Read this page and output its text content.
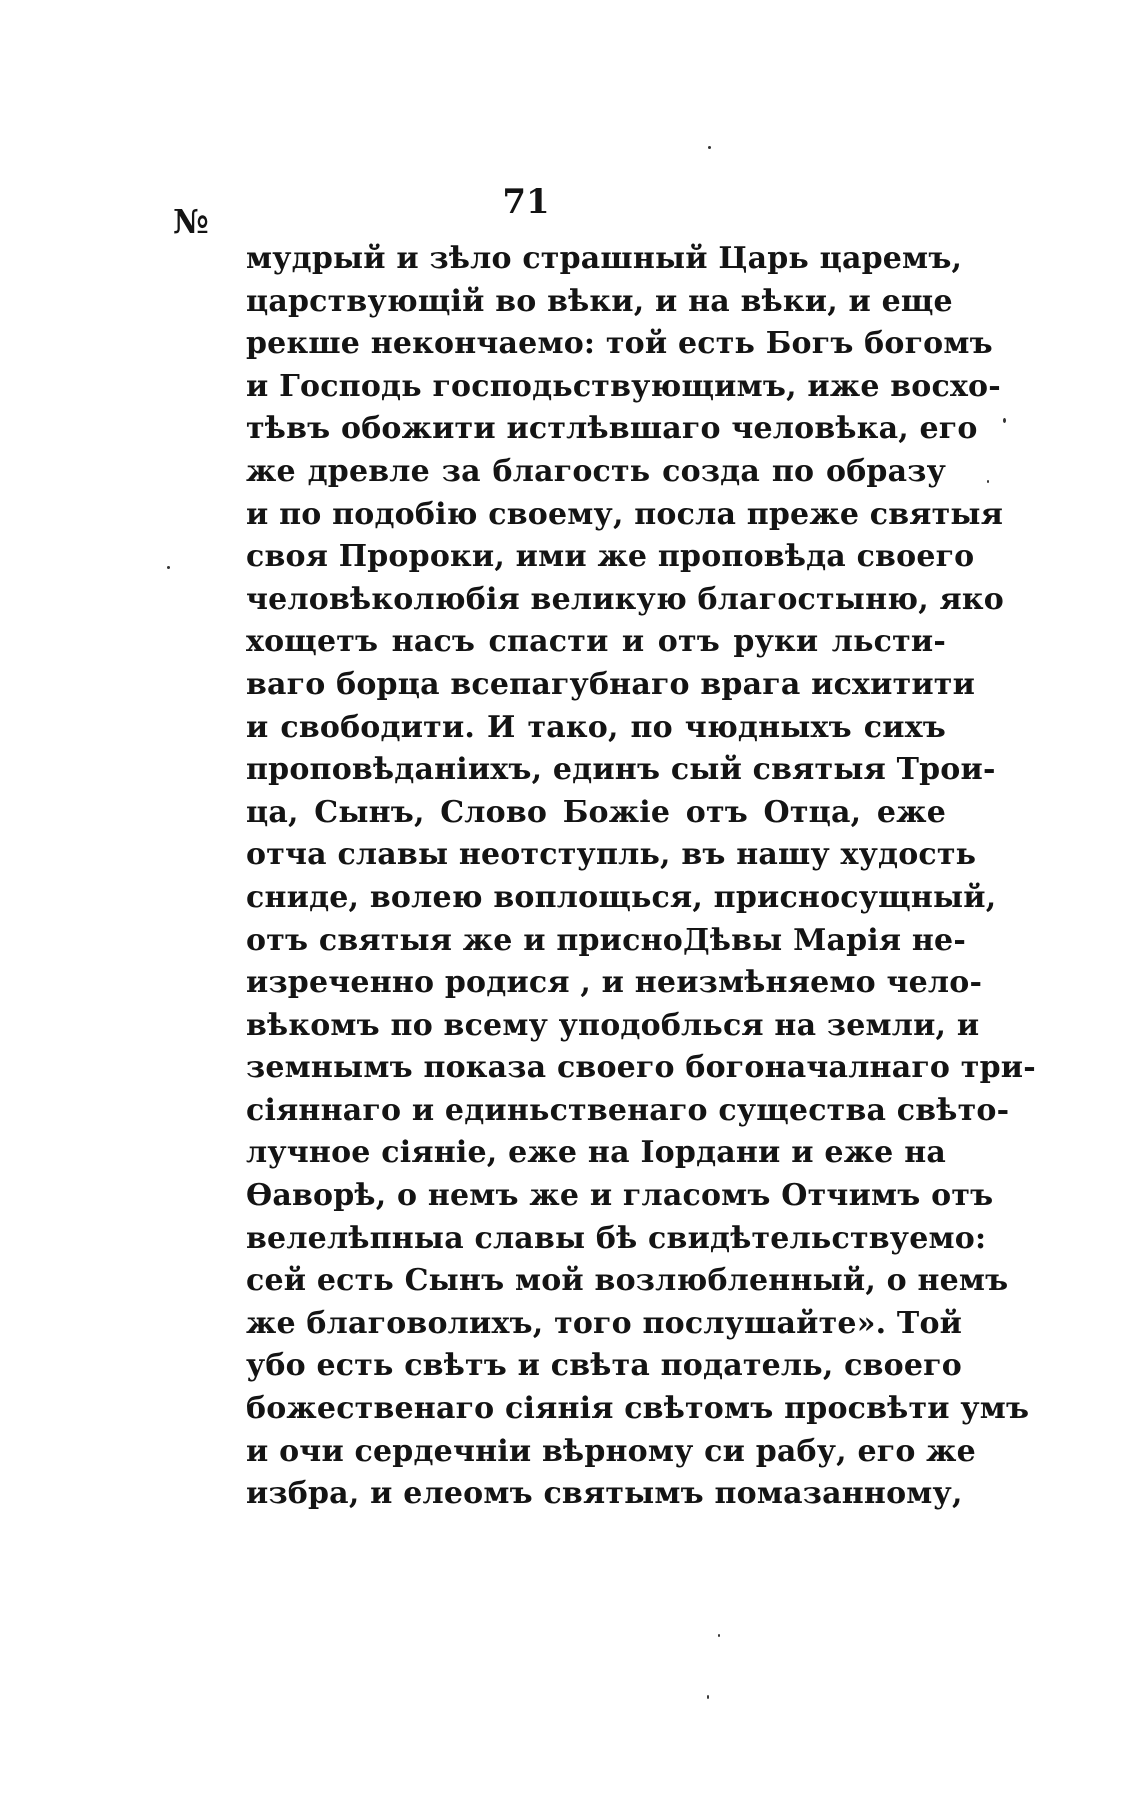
№	71
мудрый и зѣло страшный Царь царемъ,
царствующій во вѣки, и на вѣки, и еще
рекше некончаемо: той есть Богъ богомъ
и Господь господьствующимъ, иже восхо-
тѣвъ обожити истлѣвшаго человѣка, его
же древле за благость созда по образу
и по подобію своему, посла преже святыя
своя Пророки, ими же проповѣда своего
человѣколюбія великую благостыню, яко
хощетъ насъ спасти и отъ руки льсти-
ваго борца всепагубнаго врага исхитити
и свободити. И тако, по чюдныхъ сихъ
проповѣданіихъ, единъ сый святыя Трои-
ца, Сынъ, Слово Божіе отъ Отца, еже
отча славы неотступль, въ нашу худость
сниде, волею воплощься, присносущный,
отъ святыя же и присноДѣвы Марія не-
изреченно родися , и неизмѣняемо чело-
вѣкомъ по всему уподоблься на земли, и
земнымъ показа своего богоначалнаго три-
сіяннаго и единьственаго существа свѣто-
лучное сіяніе, еже на Іордани и еже на
Ѳаворѣ, о немъ же и гласомъ Отчимъ отъ
велелѣпныа славы бѣ свидѣтельствуемо:
сей есть Сынъ мой возлюбленный, о немъ
же благоволихъ, того послушайте». Той
убо есть свѣтъ и свѣта податель, своего
божественаго сіянія свѣтомъ просвѣти умъ
и очи сердечніи вѣрному си рабу, его же
избра, и елеомъ святымъ помазанному,
